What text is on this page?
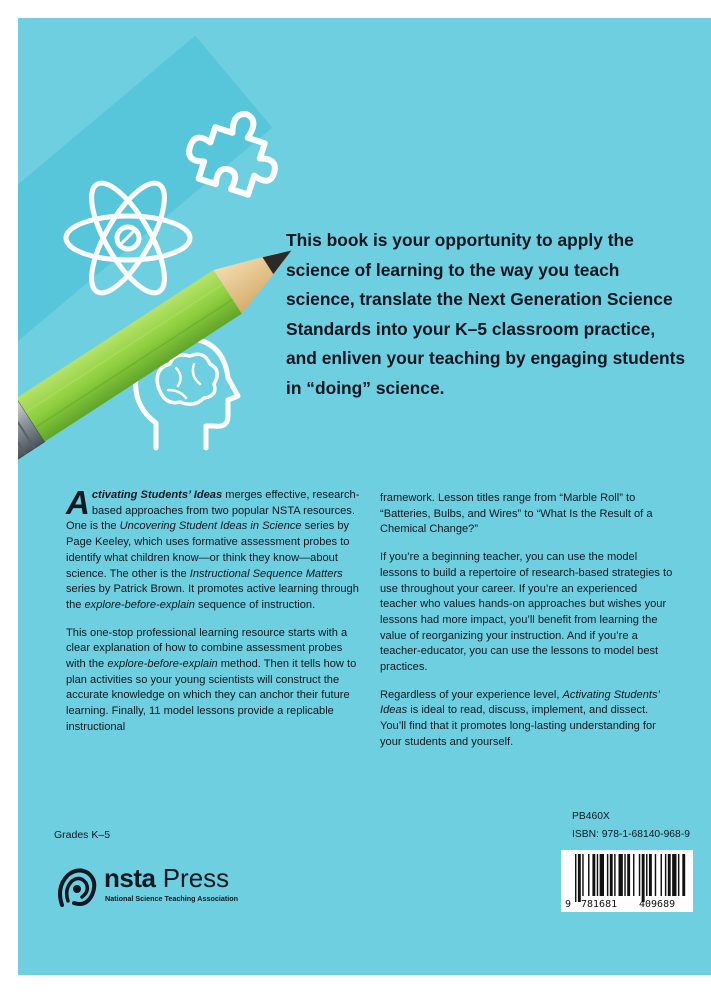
This book is your opportunity to apply the science of learning to the way you teach science, translate the Next Generation Science Standards into your K–5 classroom practice, and enliven your teaching by engaging students in “doing” science.

Activating Students’ Ideas merges effective, research-based approaches from two popular NSTA resources. One is the Uncovering Student Ideas in Science series by Page Keeley, which uses formative assessment probes to identify what children know—or think they know—about science. The other is the Instructional Sequence Matters series by Patrick Brown. It promotes active learning through the explore-before-explain sequence of instruction.

This one-stop professional learning resource starts with a clear explanation of how to combine assessment probes with the explore-before-explain method. Then it tells how to plan activities so your young scientists will construct the accurate knowledge on which they can anchor their future learning. Finally, 11 model lessons provide a replicable instructional

framework. Lesson titles range from “Marble Roll” to “Batteries, Bulbs, and Wires” to “What Is the Result of a Chemical Change?”

If you’re a beginning teacher, you can use the model lessons to build a repertoire of research-based strategies to use throughout your career. If you’re an experienced teacher who values hands-on approaches but wishes your lessons had more impact, you’ll benefit from learning the value of reorganizing your instruction. And if you’re a teacher-educator, you can use the lessons to model best practices.

Regardless of your experience level, Activating Students’ Ideas is ideal to read, discuss, implement, and dissect. You’ll find that it promotes long-lasting understanding for your students and yourself.

Grades K–5
PB460X
ISBN: 978-1-68140-968-9
9 781681 409689
nsta Press
National Science Teaching Association
